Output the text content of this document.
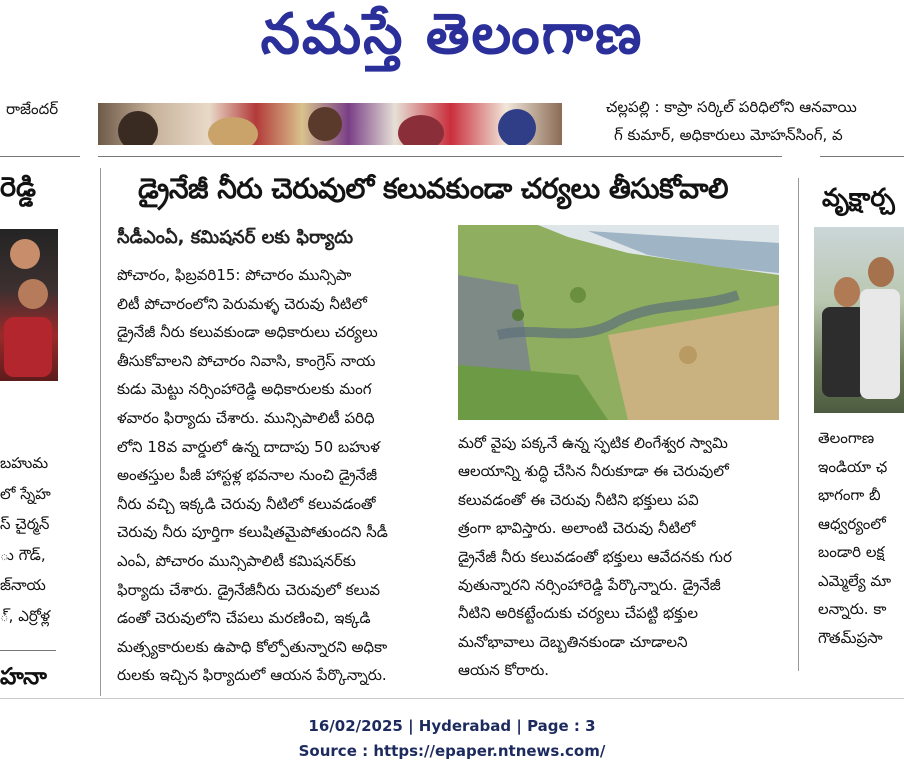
నమస్తే తెలంగాణ
రాజేందర్	చల్లపల్లి : కాప్రా సర్కిల్ పరిధిలోని ఆనవాయి
గ్ కుమార్, అధికారులు మోహన్‌సింగ్, వ
రెడ్డి
బహుమ
లో స్నేహ
స్ చైర్మన్
ు గౌడ్,
జ్‌నాయ
్, ఎర్రోళ్ల
హనా
డ్రైనేజీ నీరు చెరువులో కలువకుండా చర్యలు తీసుకోవాలి
సీడీఎంఏ, కమిషనర్ లకు ఫిర్యాదు
పోచారం, ఫిబ్రవరి15: పోచారం మున్సిపా
లిటీ పోచారంలోని పెరుమళ్ళ చెరువు నీటిలో
డ్రైనేజీ నీరు కలువకుండా అధికారులు చర్యలు
తీసుకోవాలని పోచారం నివాసి, కాంగ్రెస్ నాయ
కుడు మెట్టు నర్సింహారెడ్డి అధికారులకు మంగ
ళవారం ఫిర్యాదు చేశారు. మున్సిపాలిటీ పరిధి
లోని 18వ వార్డులో ఉన్న దాదాపు 50 బహుళ
అంతస్తుల పీజీ హాస్టళ్ల భవనాల నుంచి డ్రైనేజీ
నీరు వచ్చి ఇక్కడి చెరువు నీటిలో కలువడంతో
చెరువు నీరు పూర్తిగా కలుషితమైపోతుందని సీడీ
ఎంఏ, పోచారం మున్సిపాలిటీ కమిషనర్‌కు
ఫిర్యాదు చేశారు. డ్రైనేజీనీరు చెరువులో కలువ
డంతో చెరువులోని చేపలు మరణించి, ఇక్కడి
మత్స్యకారులకు ఉపాధి కోల్పోతున్నారని అధికా
రులకు ఇచ్చిన ఫిర్యాదులో ఆయన పేర్కొన్నారు.
మరో వైపు పక్కనే ఉన్న స్ఫటిక లింగేశ్వర స్వామి
ఆలయాన్ని శుద్ధి చేసిన నీరుకూడా ఈ చెరువులో
కలువడంతో ఈ చెరువు నీటిని భక్తులు పవి
త్రంగా భావిస్తారు. అలాంటి చెరువు నీటిలో
డ్రైనేజీ నీరు కలువడంతో భక్తులు ఆవేదనకు గుర
వుతున్నారని నర్సింహారెడ్డి పేర్కొన్నారు. డ్రైనేజీ
నీటిని అరికట్టేందుకు చర్యలు చేపట్టి భక్తుల
మనోభావాలు దెబ్బతినకుండా చూడాలని
ఆయన కోరారు.
వృక్షార్చ
తెలంగాణ
ఇండియా ఛ
భాగంగా బీ
ఆధ్వర్యంలో
బండారి లక్ష
ఎమ్మెల్యే మా
లన్నారు. కా
గౌతమ్‌ప్రసా
16/02/2025 | Hyderabad | Page : 3
Source : https://epaper.ntnews.com/
